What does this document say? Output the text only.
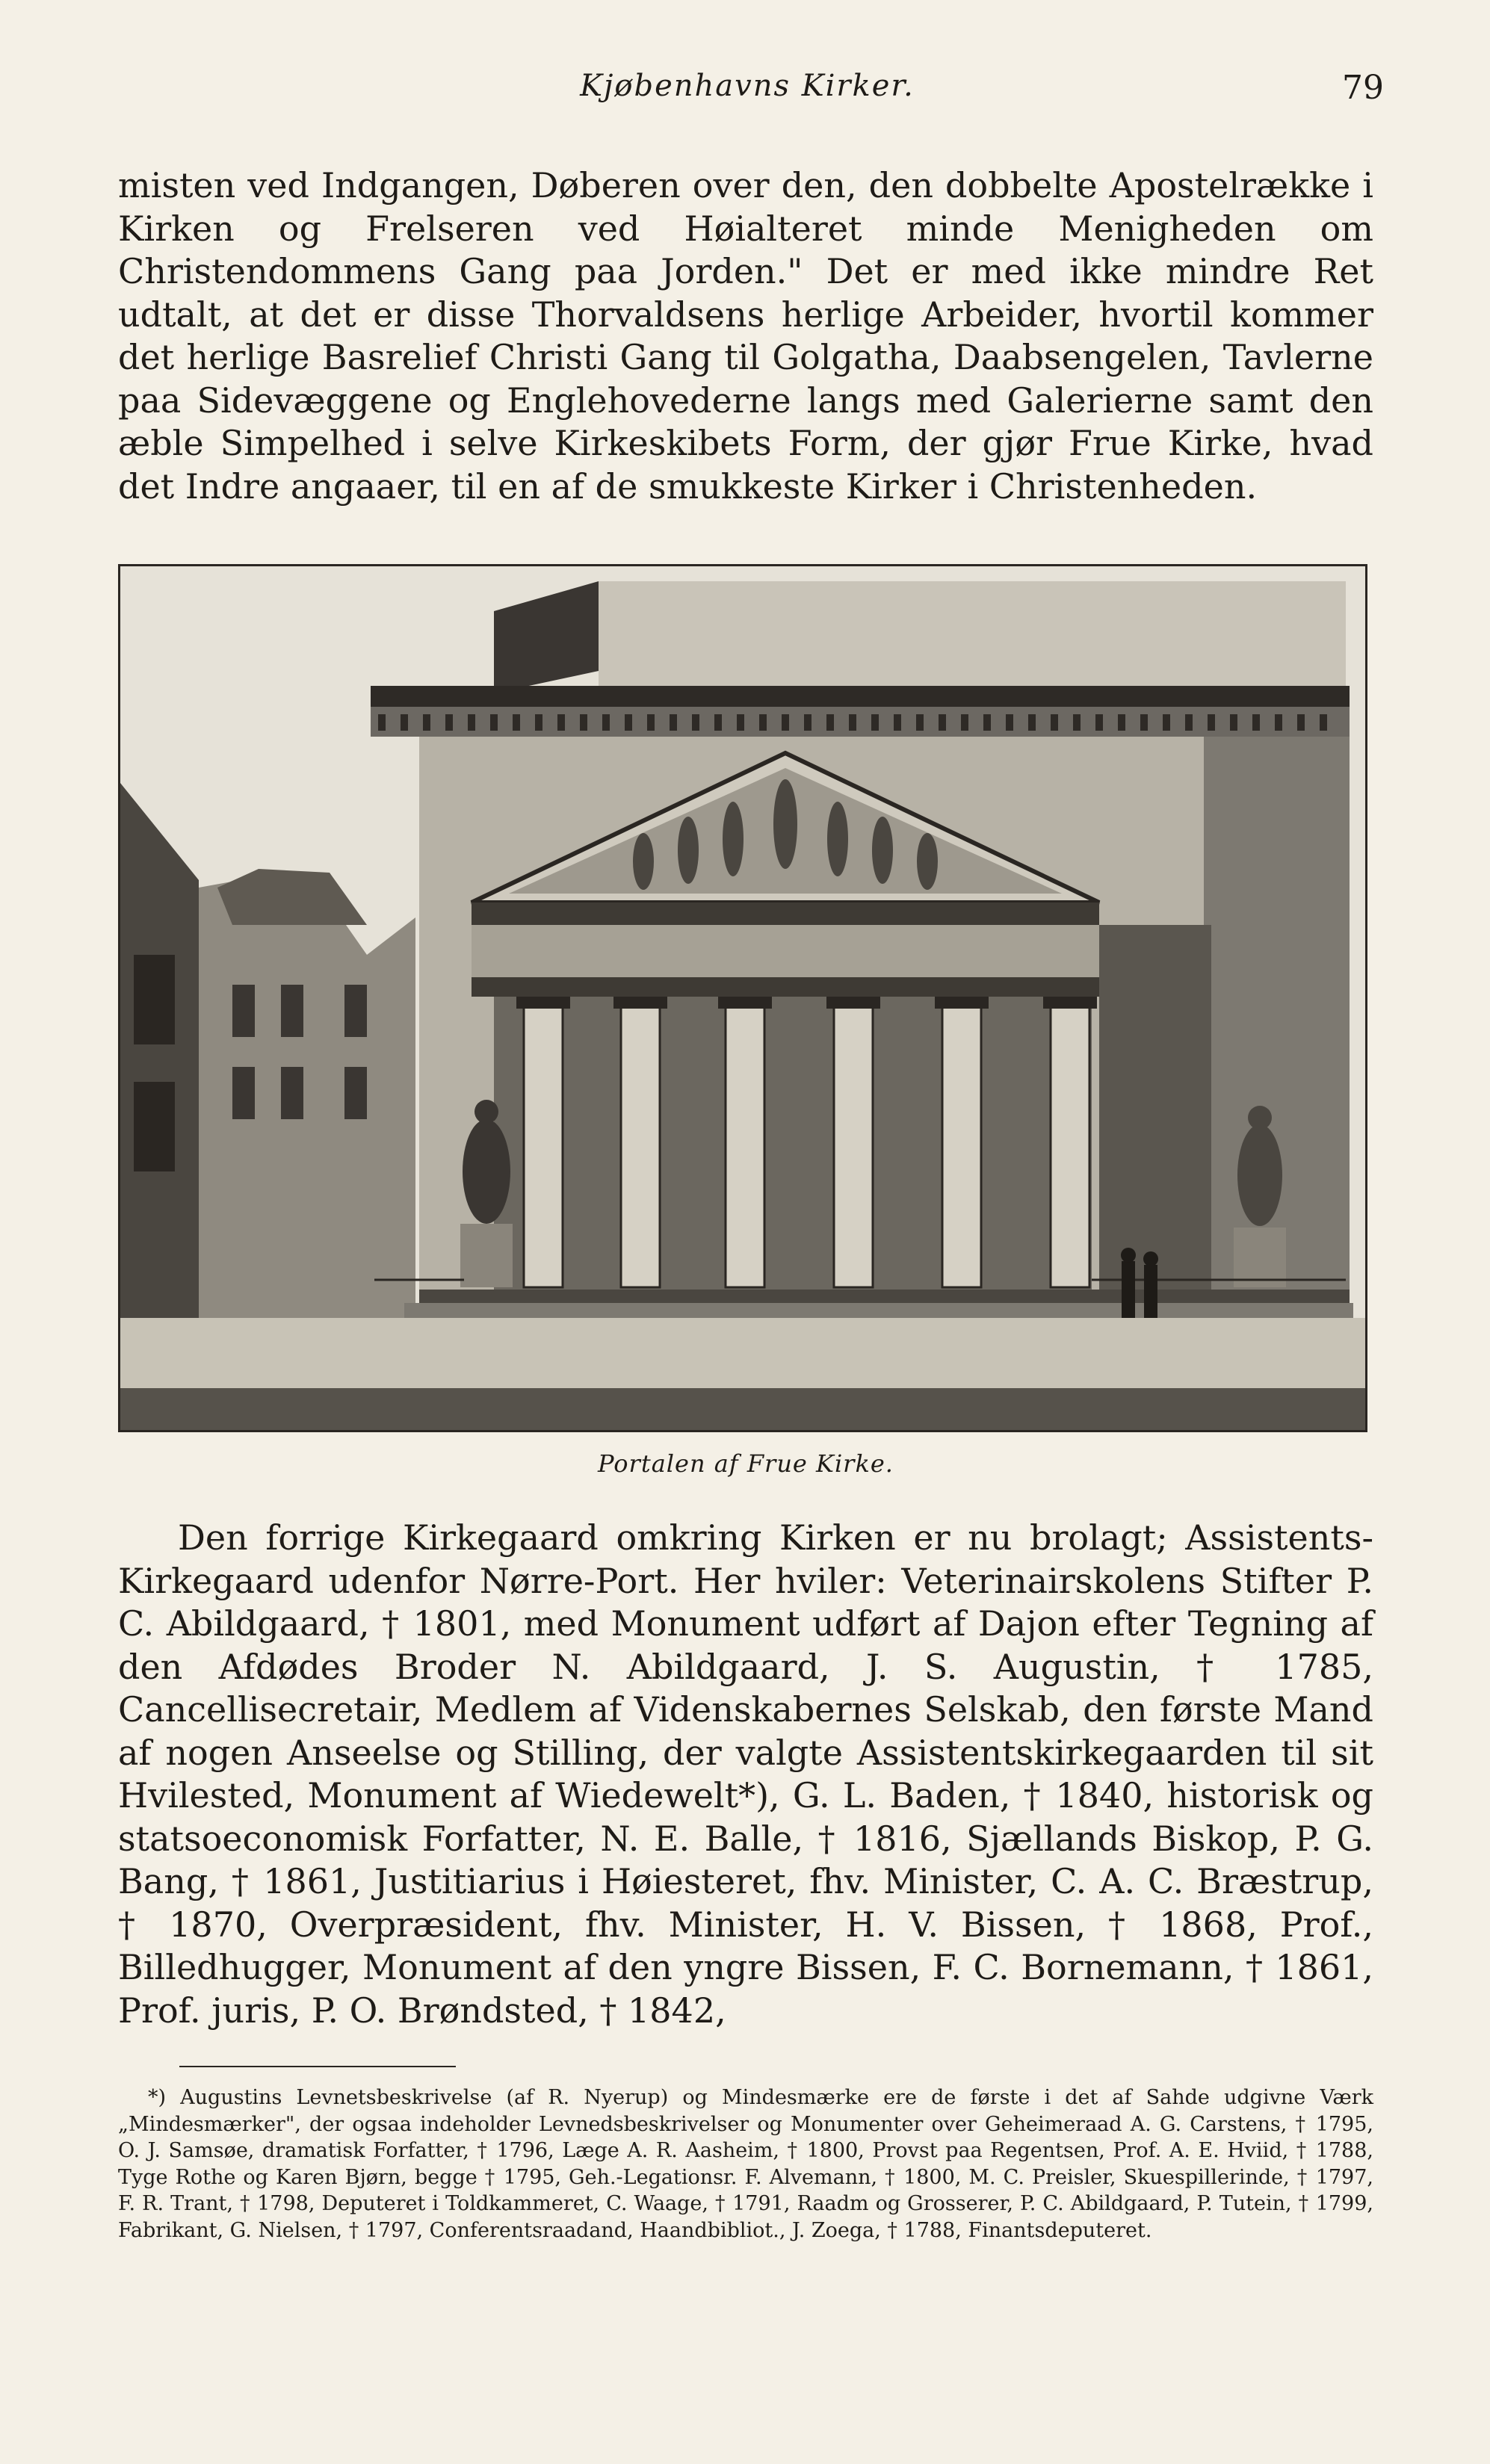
Kjøbenhavns Kirker.	79
misten ved Indgangen, Døberen over den, den dobbelte Apostelrække i Kirken og Frelseren ved Høialteret minde Menigheden om Christendommens Gang paa Jorden." Det er med ikke mindre Ret udtalt, at det er disse Thorvaldsens herlige Arbeider, hvortil kommer det herlige Basrelief Christi Gang til Golgatha, Daabsengelen, Tavlerne paa Sidevæggene og Englehovederne langs med Galerierne samt den æble Simpelhed i selve Kirkeskibets Form, der gjør Frue Kirke, hvad det Indre angaaer, til en af de smukkeste Kirker i Christenheden.
Portalen af Frue Kirke.
Den forrige Kirkegaard omkring Kirken er nu brolagt; Assistents-Kirkegaard udenfor Nørre-Port. Her hviler: Veterinairskolens Stifter P. C. Abildgaard, † 1801, med Monument udført af Dajon efter Tegning af den Afdødes Broder N. Abildgaard, J. S. Augustin, † 1785, Cancellisecretair, Medlem af Videnskabernes Selskab, den første Mand af nogen Anseelse og Stilling, der valgte Assistentskirkegaarden til sit Hvilested, Monument af Wiedewelt*), G. L. Baden, † 1840, historisk og statsoeconomisk Forfatter, N. E. Balle, † 1816, Sjællands Biskop, P. G. Bang, † 1861, Justitiarius i Høiesteret, fhv. Minister, C. A. C. Bræstrup, † 1870, Overpræsident, fhv. Minister, H. V. Bissen, † 1868, Prof., Billedhugger, Monument af den yngre Bissen, F. C. Bornemann, † 1861, Prof. juris, P. O. Brøndsted, † 1842,
*) Augustins Levnetsbeskrivelse (af R. Nyerup) og Mindesmærke ere de første i det af Sahde udgivne Værk „Mindesmærker", der ogsaa indeholder Levnedsbeskrivelser og Monumenter over Geheimeraad A. G. Carstens, † 1795, O. J. Samsøe, dramatisk Forfatter, † 1796, Læge A. R. Aasheim, † 1800, Provst paa Regentsen, Prof. A. E. Hviid, † 1788, Tyge Rothe og Karen Bjørn, begge † 1795, Geh.-Legationsr. F. Alvemann, † 1800, M. C. Preisler, Skuespillerinde, † 1797, F. R. Trant, † 1798, Deputeret i Toldkammeret, C. Waage, † 1791, Raadm og Grosserer, P. C. Abildgaard, P. Tutein, † 1799, Fabrikant, G. Nielsen, † 1797, Conferentsraadand, Haandbibliot., J. Zoega, † 1788, Finantsdeputeret.
